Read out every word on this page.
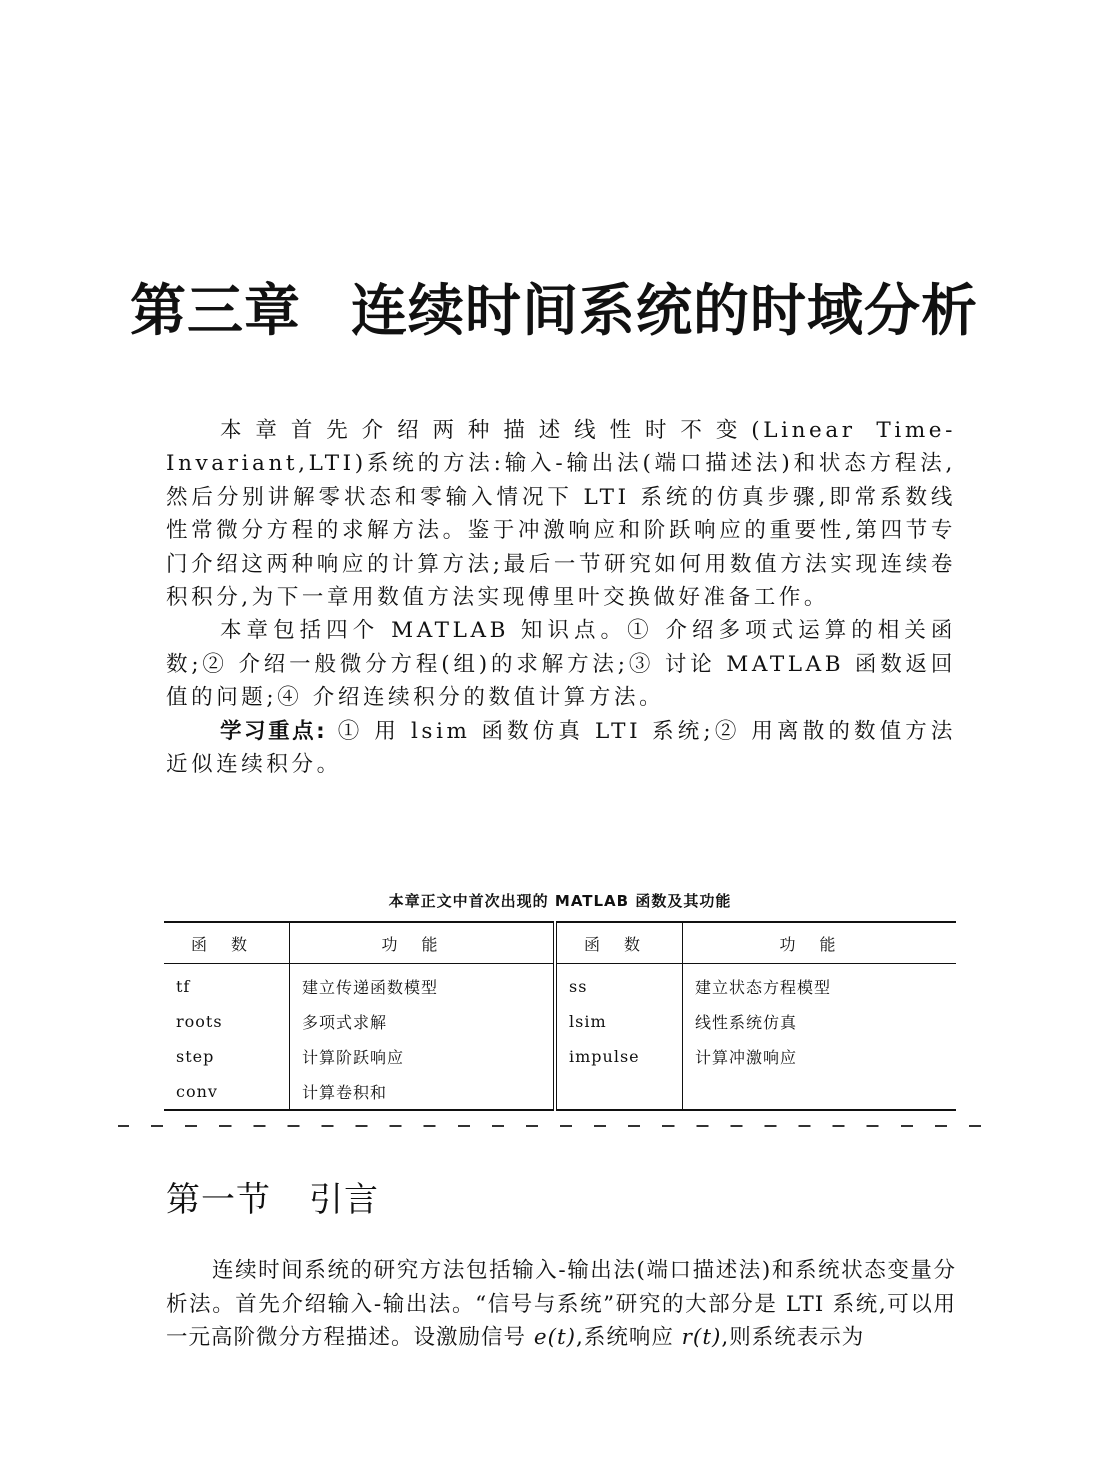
第三章 连续时间系统的时域分析

本章首先介绍两种描述线性时不变(Linear Time-Invariant,LTI)系统的方法:输入-输出法(端口描述法)和状态方程法,然后分别讲解零状态和零输入情况下 LTI 系统的仿真步骤,即常系数线性常微分方程的求解方法。鉴于冲激响应和阶跃响应的重要性,第四节专门介绍这两种响应的计算方法;最后一节研究如何用数值方法实现连续卷积积分,为下一章用数值方法实现傅里叶交换做好准备工作。

本章包括四个 MATLAB 知识点。① 介绍多项式运算的相关函数;② 介绍一般微分方程(组)的求解方法;③ 讨论 MATLAB 函数返回值的问题;④ 介绍连续积分的数值计算方法。

学习重点: ① 用 lsim 函数仿真 LTI 系统;② 用离散的数值方法近似连续积分。

本章正文中首次出现的 MATLAB 函数及其功能
函数	功能	函数	功能
tf	建立传递函数模型	ss	建立状态方程模型
roots	多项式求解	lsim	线性系统仿真
step	计算阶跃响应	impulse	计算冲激响应
conv	计算卷积和		
第一节 引言

连续时间系统的研究方法包括输入-输出法(端口描述法)和系统状态变量分析法。首先介绍输入-输出法。“信号与系统”研究的大部分是 LTI 系统,可以用一元高阶微分方程描述。设激励信号 e(t),系统响应 r(t),则系统表示为
